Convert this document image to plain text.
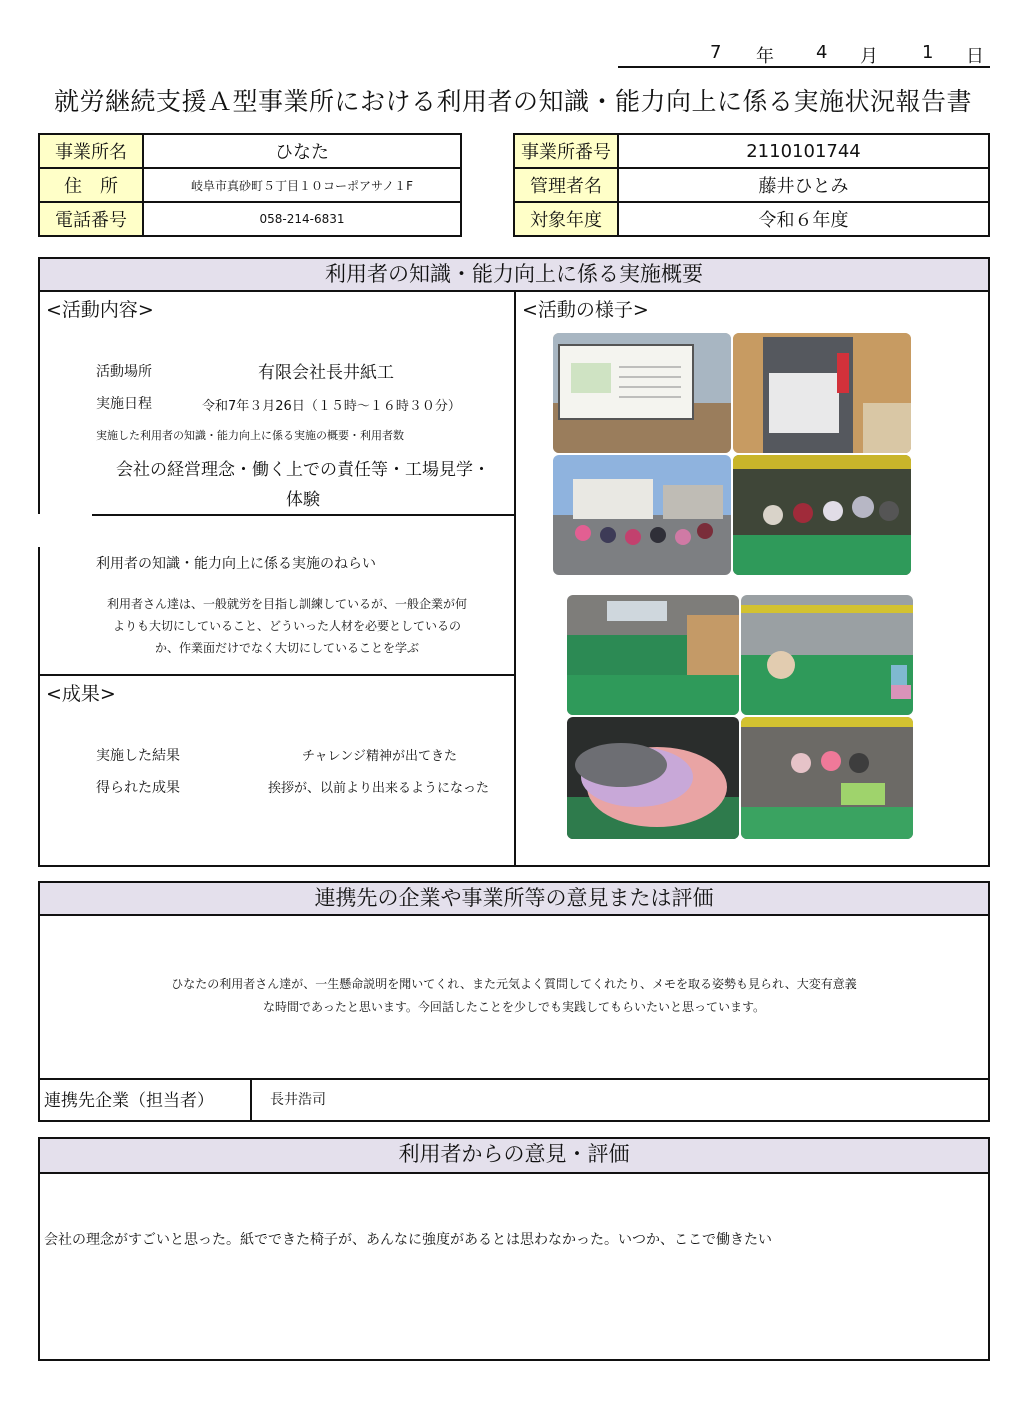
7 年 4 月 1 日
就労継続支援Ａ型事業所における利用者の知識・能力向上に係る実施状況報告書
事業所名	ひなた
住　所	岐阜市真砂町５丁目１０コーポアサノ１F
電話番号	058-214-6831
事業所番号	2110101744
管理者名	藤井ひとみ
対象年度	令和６年度
利用者の知識・能力向上に係る実施概要
<活動内容>
活動場所	有限会社長井紙工
実施日程	令和7年３月26日（１５時～１６時３０分）
実施した利用者の知識・能力向上に係る実施の概要・利用者数
会社の経営理念・働く上での責任等・工場見学・
体験
利用者の知識・能力向上に係る実施のねらい
利用者さん達は、一般就労を目指し訓練しているが、一般企業が何
よりも大切にしていること、どういった人材を必要としているの
か、作業面だけでなく大切にしていることを学ぶ
<成果>
実施した結果	チャレンジ精神が出てきた
得られた成果	挨拶が、以前より出来るようになった
<活動の様子>
連携先の企業や事業所等の意見または評価
ひなたの利用者さん達が、一生懸命説明を聞いてくれ、また元気よく質問してくれたり、メモを取る姿勢も見られ、大変有意義
な時間であったと思います。今回話したことを少しでも実践してもらいたいと思っています。
連携先企業（担当者）	長井浩司
利用者からの意見・評価
会社の理念がすごいと思った。紙でできた椅子が、あんなに強度があるとは思わなかった。いつか、ここで働きたい
